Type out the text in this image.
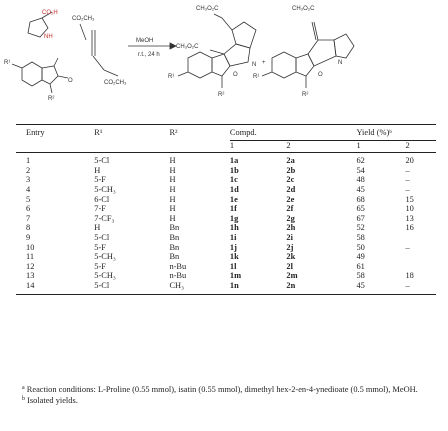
CO₂H
NH
CO₂CH₃
CO₂CH₃
MeOH
r.t., 24 h
CH₃O₂C
CH₃O₂C
CH₃O₂C
R¹
R²
O
R¹
R²
O
N +
R¹
R²
O
N
Entry	R¹	R²	Compd.		Yield (%)ᵇ	
			1	2	1	2
1	5-Cl	H	1a	2a	62	20
2	H	H	1b	2b	54	–
3	5-F	H	1c	2c	48	–
4	5-CH₃	H	1d	2d	45	–
5	6-Cl	H	1e	2e	68	15
6	7-F	H	1f	2f	65	10
7	7-CF₃	H	1g	2g	67	13
8	H	Bn	1h	2h	52	16
9	5-Cl	Bn	1i	2i	58	
10	5-F	Bn	1j	2j	50	–
11	5-CH₃	Bn	1k	2k	49	
12	5-F	n-Bu	1l	2l	61	
13	5-CH₃	n-Bu	1m	2m	58	18
14	5-Cl	CH₃	1n	2n	45	–

$^a$ Reaction conditions: L-Proline (0.55 mmol), isatin (0.55 mmol), dimethyl hex-2-en-4-ynedioate (0.5 mmol), MeOH.

$^b$ Isolated yields.
